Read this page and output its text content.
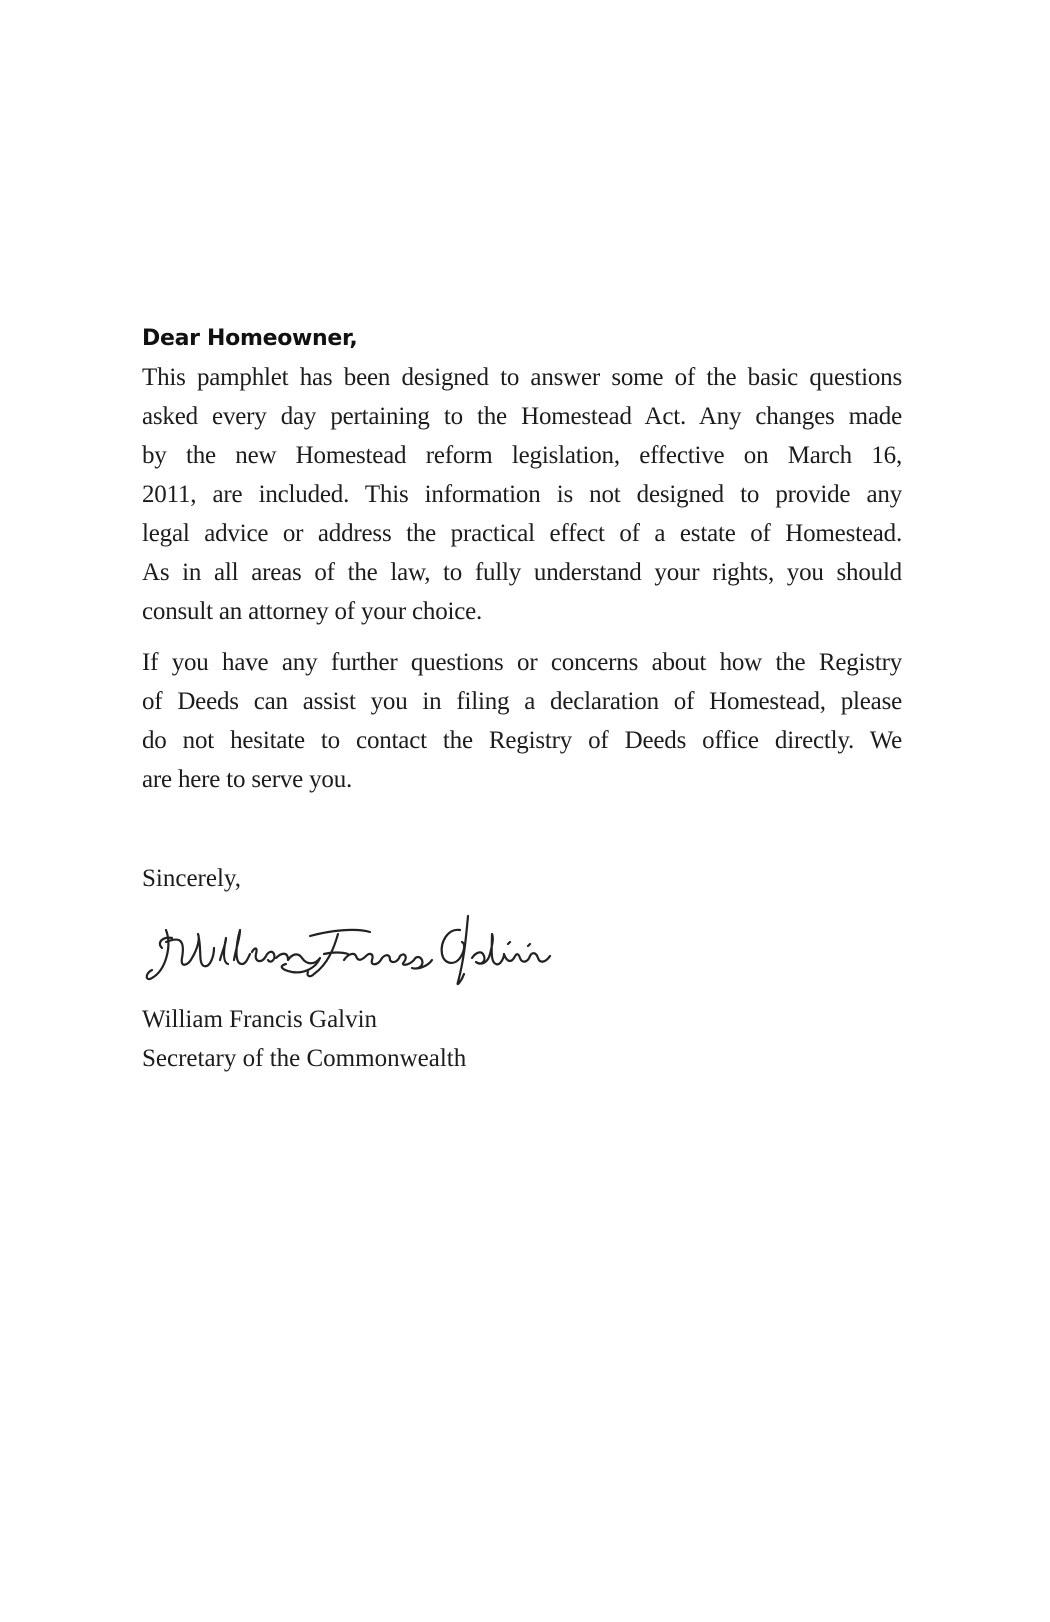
Dear Homeowner,
This pamphlet has been designed to answer some of the basic questions
asked every day pertaining to the Homestead Act. Any changes made
by the new Homestead reform legislation, effective on March 16,
2011, are included. This information is not designed to provide any
legal advice or address the practical effect of a estate of Homestead.
As in all areas of the law, to fully understand your rights, you should
consult an attorney of your choice.
If you have any further questions or concerns about how the Registry
of Deeds can assist you in filing a declaration of Homestead, please
do not hesitate to contact the Registry of Deeds office directly. We
are here to serve you.
Sincerely,
William Francis Galvin
Secretary of the Commonwealth
